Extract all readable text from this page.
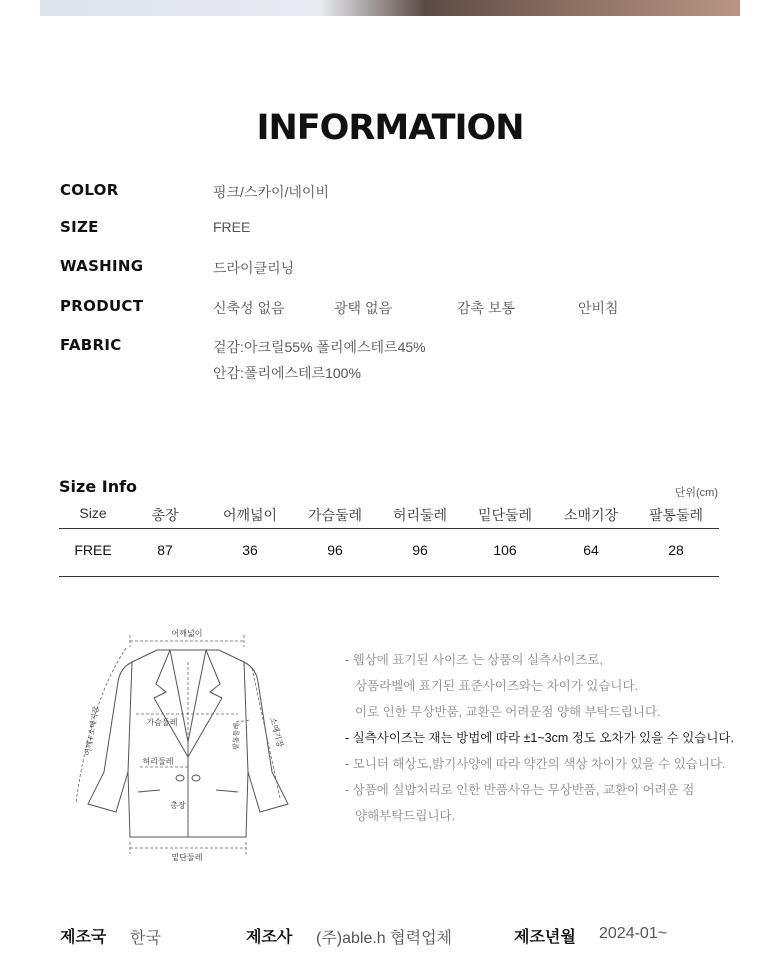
INFORMATION
COLOR	핑크/스카이/네이비
SIZE	FREE
WASHING	드라이클리닝
PRODUCT	신축성 없음	광택 없음	감촉 보통	안비침
FABRIC	겉감:아크릴55% 폴리에스테르45%
안감:폴리에스테르100%
Size Info	단위(cm)
Size	총장	어깨넓이	가슴둘레	허리둘레	밑단둘레	소매기장	팔통둘레
FREE	87	36	96	96	106	64	28
어깨넓이
가슴둘레
허리둘레
총장
밑단둘레
소매기장
팔통둘레
어깨+소매기장
- 웹상에 표기된 사이즈 는 상품의 실측사이즈로,
상품라벨에 표기된 표준사이즈와는 차이가 있습니다.
이로 인한 무상반품, 교환은 어려운점 양해 부탁드립니다.
- 실측사이즈는 재는 방법에 따라 ±1~3cm 정도 오차가 있을 수 있습니다.
- 모니터 해상도,밝기사양에 따라 약간의 색상 차이가 있을 수 있습니다.
- 상품에 실밥처리로 인한 반품사유는 무상반품, 교환이 어려운 점
양해부탁드립니다.
제조국 한국	제조사 (주)able.h 협력업체	제조년월 2024-01~
